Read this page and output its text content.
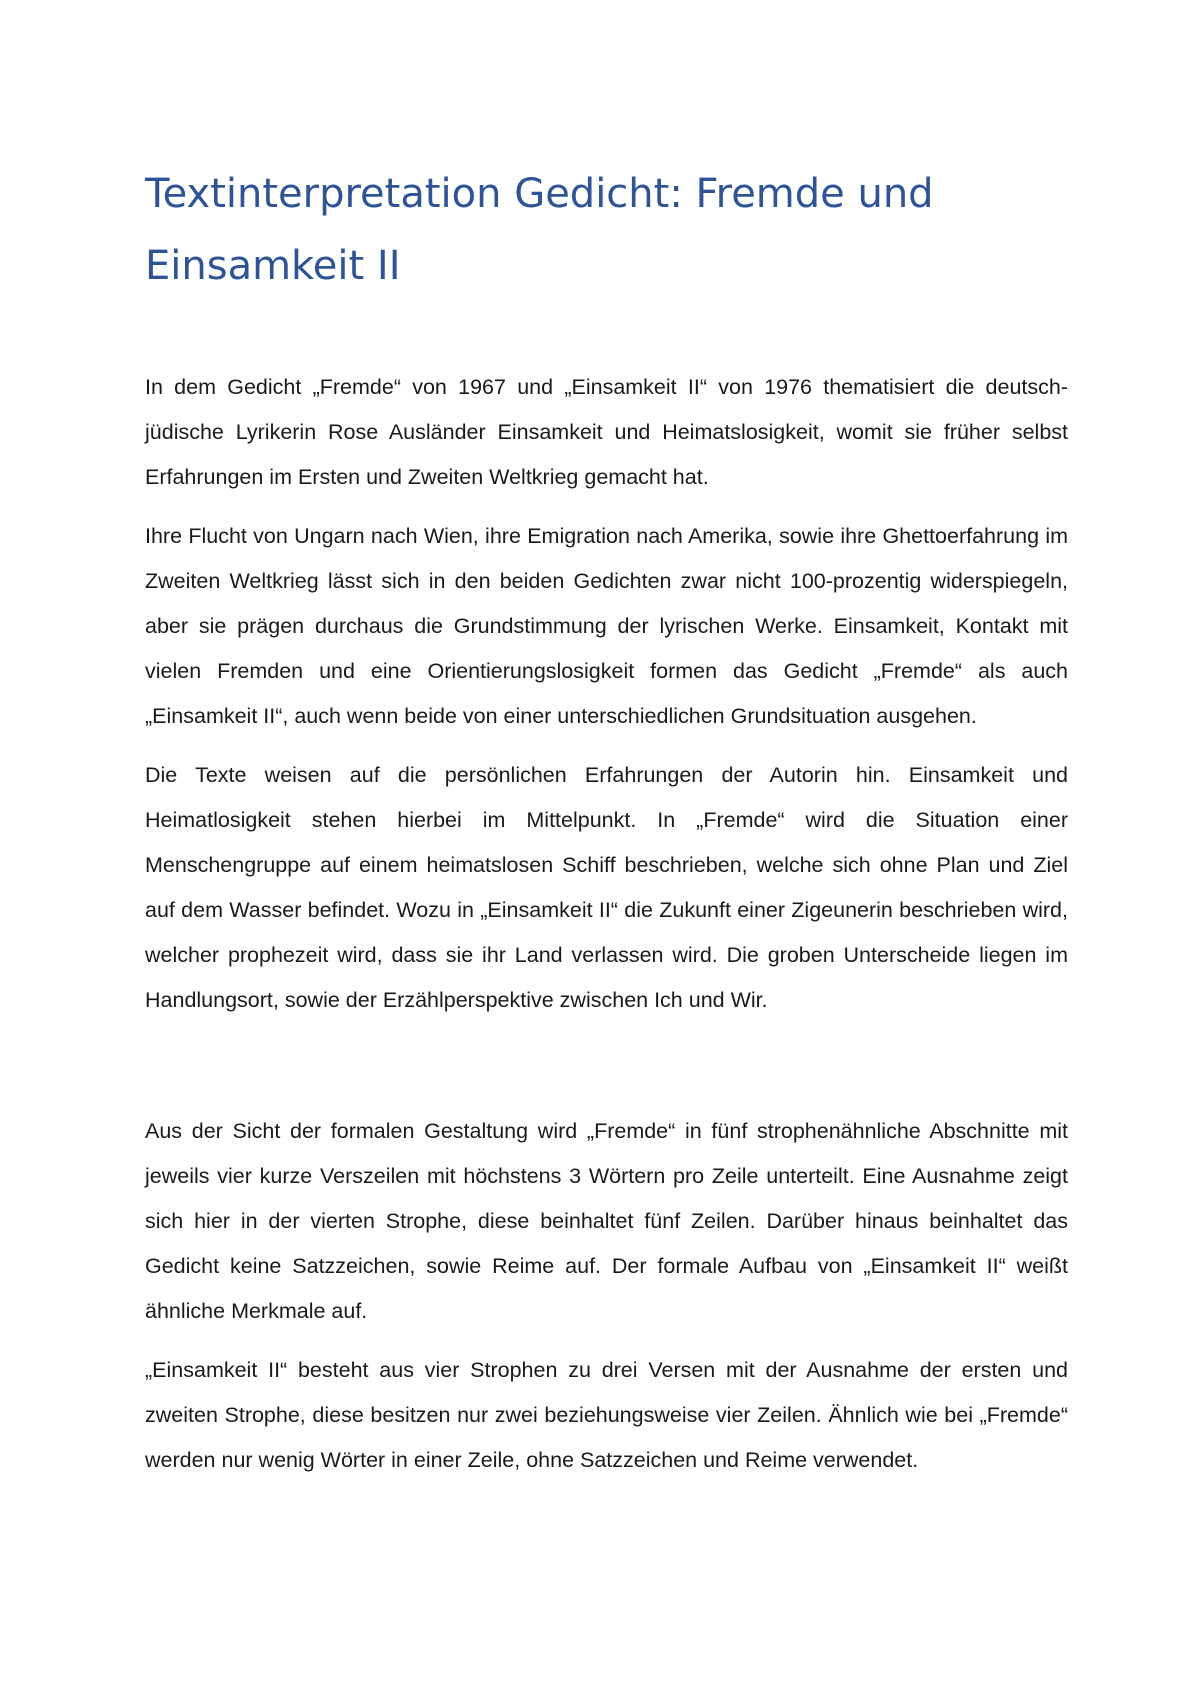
Textinterpretation Gedicht: Fremde und Einsamkeit II

In dem Gedicht „Fremde“ von 1967 und „Einsamkeit II“ von 1976 thematisiert die deutsch-jüdische Lyrikerin Rose Ausländer Einsamkeit und Heimatslosigkeit, womit sie früher selbst Erfahrungen im Ersten und Zweiten Weltkrieg gemacht hat.

Ihre Flucht von Ungarn nach Wien, ihre Emigration nach Amerika, sowie ihre Ghettoerfahrung im Zweiten Weltkrieg lässt sich in den beiden Gedichten zwar nicht 100-prozentig widerspiegeln, aber sie prägen durchaus die Grundstimmung der lyrischen Werke. Einsamkeit, Kontakt mit vielen Fremden und eine Orientierungslosigkeit formen das Gedicht „Fremde“ als auch „Einsamkeit II“, auch wenn beide von einer unterschiedlichen Grundsituation ausgehen.

Die Texte weisen auf die persönlichen Erfahrungen der Autorin hin. Einsamkeit und Heimatlosigkeit stehen hierbei im Mittelpunkt. In „Fremde“ wird die Situation einer Menschengruppe auf einem heimatslosen Schiff beschrieben, welche sich ohne Plan und Ziel auf dem Wasser befindet. Wozu in „Einsamkeit II“ die Zukunft einer Zigeunerin beschrieben wird, welcher prophezeit wird, dass sie ihr Land verlassen wird. Die groben Unterscheide liegen im Handlungsort, sowie der Erzählperspektive zwischen Ich und Wir.

Aus der Sicht der formalen Gestaltung wird „Fremde“ in fünf strophenähnliche Abschnitte mit jeweils vier kurze Verszeilen mit höchstens 3 Wörtern pro Zeile unterteilt. Eine Ausnahme zeigt sich hier in der vierten Strophe, diese beinhaltet fünf Zeilen. Darüber hinaus beinhaltet das Gedicht keine Satzzeichen, sowie Reime auf. Der formale Aufbau von „Einsamkeit II“ weißt ähnliche Merkmale auf.

„Einsamkeit II“ besteht aus vier Strophen zu drei Versen mit der Ausnahme der ersten und zweiten Strophe, diese besitzen nur zwei beziehungsweise vier Zeilen. Ähnlich wie bei „Fremde“ werden nur wenig Wörter in einer Zeile, ohne Satzzeichen und Reime verwendet.
